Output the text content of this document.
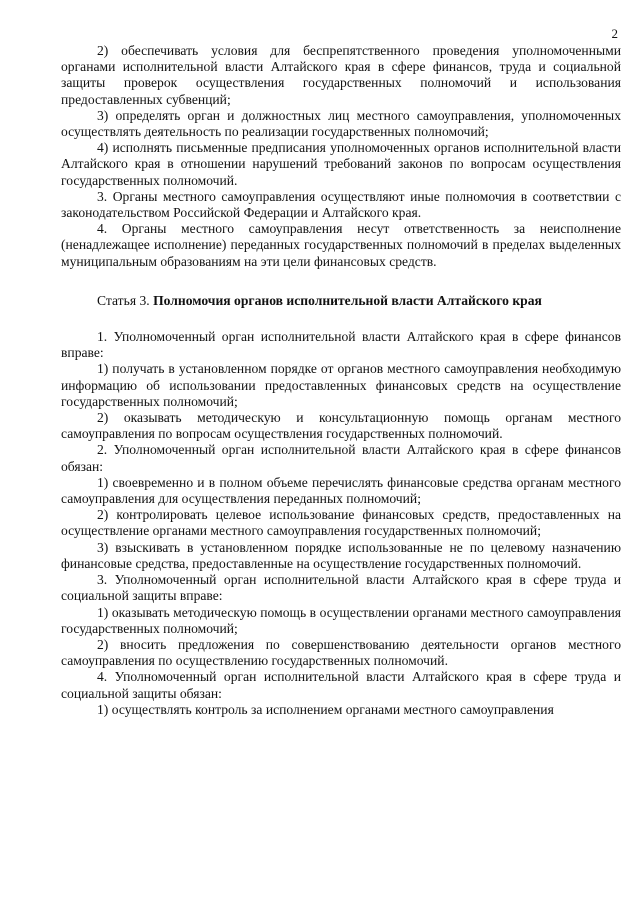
2

2) обеспечивать условия для беспрепятственного проведения уполномоченными органами исполнительной власти Алтайского края в сфере финансов, труда и социальной защиты проверок осуществления государственных полномочий и использования предоставленных субвенций;

3) определять орган и должностных лиц местного самоуправления, уполномоченных осуществлять деятельность по реализации государственных полномочий;

4) исполнять письменные предписания уполномоченных органов исполнительной власти Алтайского края в отношении нарушений требований законов по вопросам осуществления государственных полномочий.

3. Органы местного самоуправления осуществляют иные полномочия в соответствии с законодательством Российской Федерации и Алтайского края.

4. Органы местного самоуправления несут ответственность за неисполнение (ненадлежащее исполнение) переданных государственных полномочий в пределах выделенных муниципальным образованиям на эти цели финансовых средств.

Статья 3. Полномочия органов исполнительной власти Алтайского края

1. Уполномоченный орган исполнительной власти Алтайского края в сфере финансов вправе:

1) получать в установленном порядке от органов местного самоуправления необходимую информацию об использовании предоставленных финансовых средств на осуществление государственных полномочий;

2) оказывать методическую и консультационную помощь органам местного самоуправления по вопросам осуществления государственных полномочий.

2. Уполномоченный орган исполнительной власти Алтайского края в сфере финансов обязан:

1) своевременно и в полном объеме перечислять финансовые средства органам местного самоуправления для осуществления переданных полномочий;

2) контролировать целевое использование финансовых средств, предоставленных на осуществление органами местного самоуправления государственных полномочий;

3) взыскивать в установленном порядке использованные не по целевому назначению финансовые средства, предоставленные на осуществление государственных полномочий.

3. Уполномоченный орган исполнительной власти Алтайского края в сфере труда и социальной защиты вправе:

1) оказывать методическую помощь в осуществлении органами местного самоуправления государственных полномочий;

2) вносить предложения по совершенствованию деятельности органов местного самоуправления по осуществлению государственных полномочий.

4. Уполномоченный орган исполнительной власти Алтайского края в сфере труда и социальной защиты обязан:

1) осуществлять контроль за исполнением органами местного самоуправления
